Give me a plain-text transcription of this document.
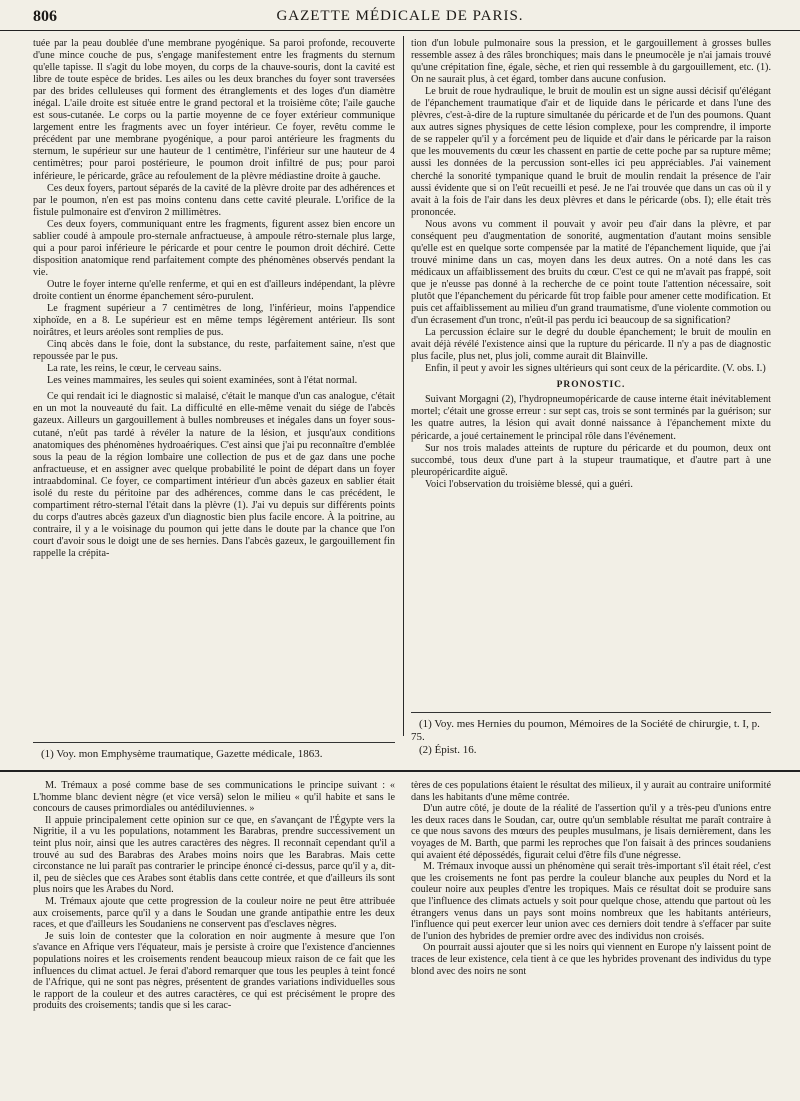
806	GAZETTE MÉDICALE DE PARIS.

tuée par la peau doublée d'une membrane pyogénique. Sa paroi profonde, recouverte d'une mince couche de pus, s'engage manifestement entre les fragments du sternum qu'elle tapisse. Il s'agit du lobe moyen, du corps de la chauve-souris, dont la cavité est libre de toute espèce de brides. Les ailes ou les deux branches du foyer sont traversées par des brides celluleuses qui forment des étranglements et des loges d'un diamètre inégal. L'aile droite est située entre le grand pectoral et la troisième côte; l'aile gauche est sous-cutanée. Le corps ou la partie moyenne de ce foyer extérieur communique largement entre les fragments avec un foyer intérieur. Ce foyer, revêtu comme le précédent par une membrane pyogénique, a pour paroi antérieure les fragments du sternum, le supérieur sur une hauteur de 1 centimètre, l'inférieur sur une hauteur de 4 centimètres; pour paroi postérieure, le poumon droit infiltré de pus; pour paroi inférieure, le péricarde, grâce au refoulement de la plèvre médiastine droite à gauche.

Ces deux foyers, partout séparés de la cavité de la plèvre droite par des adhérences et par le poumon, n'en est pas moins contenu dans cette cavité pleurale. L'orifice de la fistule pulmonaire est d'environ 2 millimètres.

Ces deux foyers, communiquant entre les fragments, figurent assez bien encore un sablier coudé à ampoule pro-sternale anfractueuse, à ampoule rétro-sternale plus large, qui a pour paroi inférieure le péricarde et pour centre le poumon droit déchiré. Cette disposition anatomique rend parfaitement compte des phénomènes observés pendant la vie.

Outre le foyer interne qu'elle renferme, et qui en est d'ailleurs indépendant, la plèvre droite contient un énorme épanchement séro-purulent.

Le fragment supérieur a 7 centimètres de long, l'inférieur, moins l'appendice xiphoïde, en a 8. Le supérieur est en même temps légèrement antérieur. Ils sont noirâtres, et leurs aréoles sont remplies de pus.

Cinq abcès dans le foie, dont la substance, du reste, parfaitement saine, n'est que repoussée par le pus.

La rate, les reins, le cœur, le cerveau sains.

Les veines mammaires, les seules qui soient examinées, sont à l'état normal.

Ce qui rendait ici le diagnostic si malaisé, c'était le manque d'un cas analogue, c'était en un mot la nouveauté du fait. La difficulté en elle-même venait du siége de l'abcès gazeux. Ailleurs un gargouillement à bulles nombreuses et inégales dans un foyer sous-cutané, n'eût pas tardé à révéler la nature de la lésion, et jusqu'aux conditions anatomiques des phénomènes hydroaériques. C'est ainsi que j'ai pu reconnaître d'emblée sous la peau de la région lombaire une collection de pus et de gaz dans une poche anfractueuse, et en assigner avec quelque probabilité le point de départ dans un foyer intraabdominal. Ce foyer, ce compartiment intérieur d'un abcès gazeux en sablier était isolé du reste du péritoine par des adhérences, comme dans le cas précédent, le compartiment rétro-sternal l'était dans la plèvre (1). J'ai vu depuis sur différents points du corps d'autres abcès gazeux d'un diagnostic bien plus facile encore. À la poitrine, au contraire, il y a le voisinage du poumon qui jette dans le doute par la chance que l'on court d'avoir sous le doigt une de ses hernies. Dans l'abcès gazeux, le gargouillement fin rappelle la crépita-

tion d'un lobule pulmonaire sous la pression, et le gargouillement à grosses bulles ressemble assez à des râles bronchiques; mais dans le pneumocèle je n'ai jamais trouvé qu'une crépitation fine, égale, sèche, et rien qui ressemble à du gargouillement, etc. (1). On ne saurait plus, à cet égard, tomber dans aucune confusion.

Le bruit de roue hydraulique, le bruit de moulin est un signe aussi décisif qu'élégant de l'épanchement traumatique d'air et de liquide dans le péricarde et dans l'une des plèvres, c'est-à-dire de la rupture simultanée du péricarde et de l'un des poumons. Quant aux autres signes physiques de cette lésion complexe, pour les comprendre, il importe de se rappeler qu'il y a forcément peu de liquide et d'air dans le péricarde par la raison que les mouvements du cœur les chassent en partie de cette poche par sa rupture même; aussi les données de la percussion sont-elles ici peu appréciables. J'ai vainement cherché la sonorité tympanique quand le bruit de moulin rendait la présence de l'air aussi évidente que si on l'eût recueilli et pesé. Je ne l'ai trouvée que dans un cas où il y avait à la fois de l'air dans les deux plèvres et dans le péricarde (obs. I); elle était très prononcée.

Nous avons vu comment il pouvait y avoir peu d'air dans la plèvre, et par conséquent peu d'augmentation de sonorité, augmentation d'autant moins sensible qu'elle est en quelque sorte compensée par la matité de l'épanchement liquide, que j'ai trouvé minime dans un cas, moyen dans les deux autres. On a noté dans les cas médicaux un affaiblissement des bruits du cœur. C'est ce qui ne m'avait pas frappé, soit que je n'eusse pas donné à la recherche de ce point toute l'attention nécessaire, soit plutôt que l'épanchement du péricarde fût trop faible pour amener cette modification. Et puis cet affaiblissement au milieu d'un grand traumatisme, d'une violente commotion ou d'un écrasement d'un tronc, n'eût-il pas perdu ici beaucoup de sa signification?

La percussion éclaire sur le degré du double épanchement; le bruit de moulin en avait déjà révélé l'existence ainsi que la rupture du péricarde. Il n'y a pas de diagnostic plus facile, plus net, plus joli, comme aurait dit Blainville.

Enfin, il peut y avoir les signes ultérieurs qui sont ceux de la péricardite. (V. obs. I.)

PRONOSTIC.

Suivant Morgagni (2), l'hydropneumopéricarde de cause interne était inévitablement mortel; c'était une grosse erreur : sur sept cas, trois se sont terminés par la guérison; sur les quatre autres, la lésion qui avait donné naissance à l'épanchement mixte du péricarde, a joué certainement le principal rôle dans l'événement.

Sur nos trois malades atteints de rupture du péricarde et du poumon, deux ont succombé, tous deux d'une part à la stupeur traumatique, et d'autre part à une pleuropéricardite aiguë.

Voici l'observation du troisième blessé, qui a guéri.

(1) Voy. mes Hernies du poumon, Mémoires de la Société de chirurgie, t. I, p. 75.

(2) Épist. 16.

(1) Voy. mon Emphysème traumatique, Gazette médicale, 1863.

M. Trémaux a posé comme base de ses communications le principe suivant : « L'homme blanc devient nègre (et vice versâ) selon le milieu « qu'il habite et sans le concours de causes primordiales ou antédiluviennes. »

Il appuie principalement cette opinion sur ce que, en s'avançant de l'Égypte vers la Nigritie, il a vu les populations, notamment les Barabras, prendre successivement un teint plus noir, ainsi que les autres caractères des nègres. Il reconnaît cependant qu'il a trouvé au sud des Barabras des Arabes moins noirs que les Barabras. Mais cette circonstance ne lui paraît pas contrarier le principe énoncé ci-dessus, parce qu'il y a, dit-il, peu de siècles que ces Arabes sont établis dans cette contrée, et que d'ailleurs ils sont plus noirs que les Arabes du Nord.

M. Trémaux ajoute que cette progression de la couleur noire ne peut être attribuée aux croisements, parce qu'il y a dans le Soudan une grande antipathie entre les deux races, et que d'ailleurs les Soudaniens ne conservent pas d'esclaves nègres.

Je suis loin de contester que la coloration en noir augmente à mesure que l'on s'avance en Afrique vers l'équateur, mais je persiste à croire que l'existence d'anciennes populations noires et les croisements rendent beaucoup mieux raison de ce fait que les influences du climat actuel. Je ferai d'abord remarquer que tous les peuples à teint foncé de l'Afrique, qui ne sont pas nègres, présentent de grandes variations individuelles sous le rapport de la couleur et des autres caractères, ce qui est précisément le propre des produits des croisements; tandis que si les carac-

tères de ces populations étaient le résultat des milieux, il y aurait au contraire uniformité dans les habitants d'une même contrée.

D'un autre côté, je doute de la réalité de l'assertion qu'il y a très-peu d'unions entre les deux races dans le Soudan, car, outre qu'un semblable résultat me paraît contraire à ce que nous savons des mœurs des peuples musulmans, je lisais dernièrement, dans les voyages de M. Barth, que parmi les reproches que l'on faisait à des princes soudaniens qui avaient été dépossédés, figurait celui d'être fils d'une négresse.

M. Trémaux invoque aussi un phénomène qui serait très-important s'il était réel, c'est que les croisements ne font pas perdre la couleur blanche aux peuples du Nord et la couleur noire aux peuples d'entre les tropiques. Mais ce résultat doit se produire sans que l'influence des climats actuels y soit pour quelque chose, attendu que partout où les étrangers venus dans un pays sont moins nombreux que les habitants antérieurs, l'influence qui peut exercer leur union avec ces derniers doit tendre à s'effacer par suite de l'union des hybrides de premier ordre avec des individus non croisés.

On pourrait aussi ajouter que si les noirs qui viennent en Europe n'y laissent point de traces de leur existence, cela tient à ce que les hybrides provenant des individus du type blond avec des noirs ne sont
